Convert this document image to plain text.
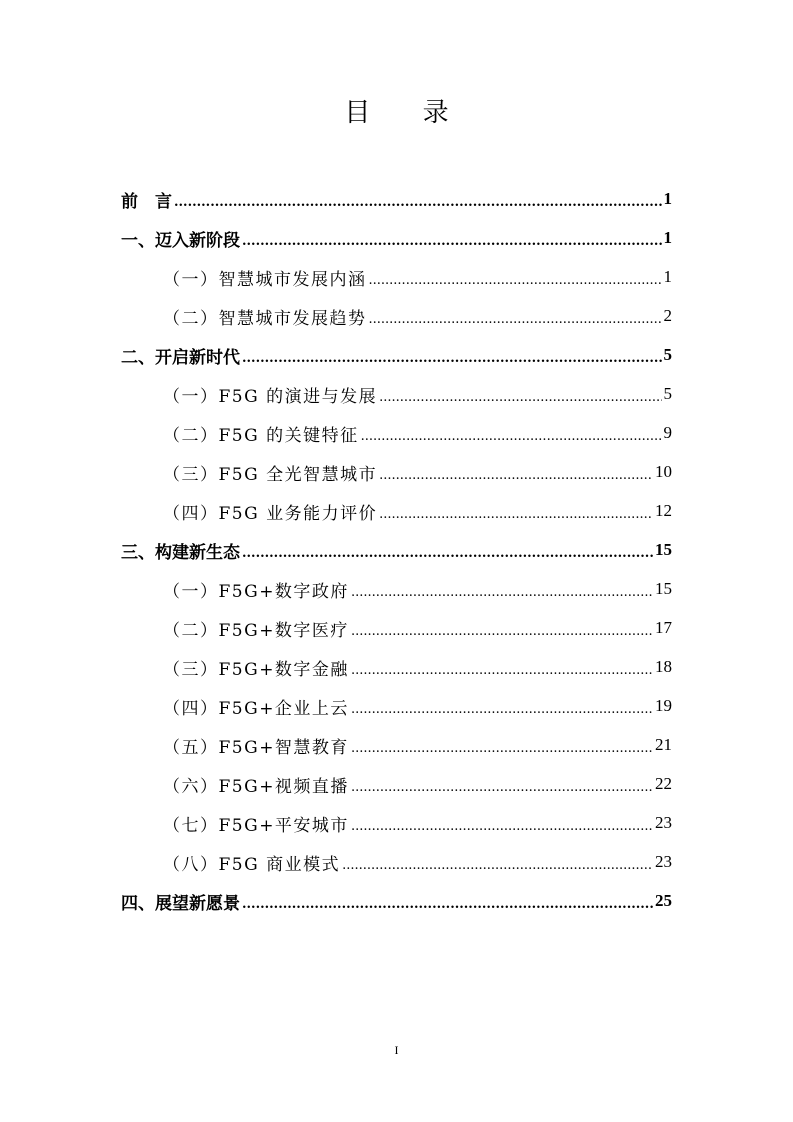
目 录
前　言 .....	1
一、迈入新阶段 .....	1
（一）智慧城市发展内涵 .....	1
（二）智慧城市发展趋势 .....	2
二、开启新时代 .....	5
（一）F5G 的演进与发展 .....	5
（二）F5G 的关键特征 .....	9
（三）F5G 全光智慧城市 .....	10
（四）F5G 业务能力评价 .....	12
三、构建新生态 .....	15
（一）F5G+数字政府 .....	15
（二）F5G+数字医疗 .....	17
（三）F5G+数字金融 .....	18
（四）F5G+企业上云 .....	19
（五）F5G+智慧教育 .....	21
（六）F5G+视频直播 .....	22
（七）F5G+平安城市 .....	23
（八）F5G 商业模式 .....	23
四、展望新愿景 .....	25
I
